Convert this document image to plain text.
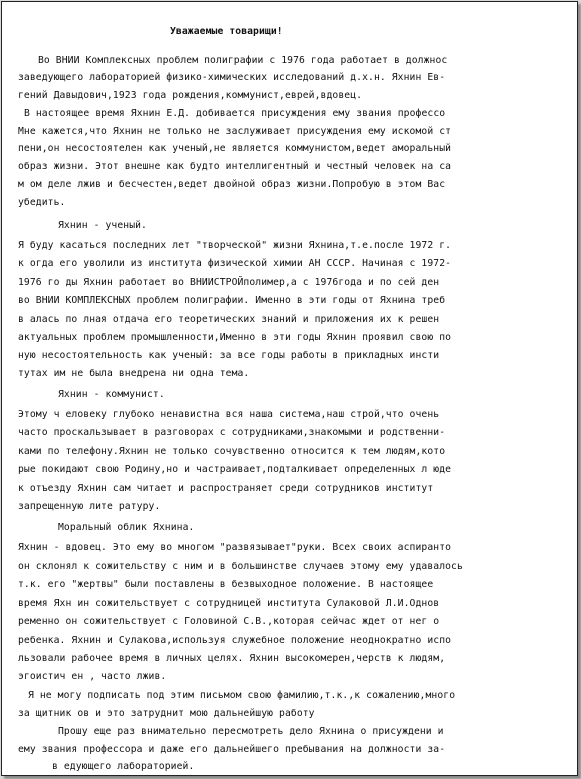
Уважаемые товарищи!
Во ВНИИ Комплексных проблем полиграфии с 1976 года работает в должнос
заведующего лабораторией физико-химических исследований д.х.н. Яхнин Ев-
гений Давыдович,1923 года рождения,коммунист,еврей,вдовец.
В настоящее время Яхнин Е.Д. добивается присуждения ему звания профессо
Мне кажется,что Яхнин не только не заслуживает присуждения ему искомой ст
пени,он несостоятелен как ученый,не является коммунистом,ведет аморальный
образ жизни. Этот внешне как будто интеллигентный и честный человек на са
м ом деле лжив и бесчестен,ведет двойной образ жизни.Попробую в этом Вас
убедить.
Яхнин - ученый.
Я буду касаться последних лет "творческой" жизни Яхнина,т.е.после 1972 г.
к огда его уволили из института физической химии АН СССР. Начиная с 1972-
1976 го ды Яхнин работает во ВНИИСТРОЙполимер,а с 1976года и по сей ден
во ВНИИ КОМПЛЕКСНЫХ проблем полиграфии. Именно в эти годы от Яхнина треб
в алась по лная отдача его теоретических знаний и приложения их к решен
актуальных проблем промышленности,Именно в эти годы Яхнин проявил свою по
ную несостоятельность как ученый: за все годы работы в прикладных инсти
тутах им не была внедрена ни одна тема.
Яхнин - коммунист.
Этому ч еловеку глубоко ненавистна вся наша система,наш строй,что очень
часто проскальзывает в разговорах с сотрудниками,знакомыми и родственни-
ками по телефону.Яхнин не только сочувственно относится к тем людям,кото
рые покидают свою Родину,но и чаcтраивает,подталкивает определенных л юде
к отъезду Яхнин сам читает и распространяет среди сотрудников институт
запрещенную лите ратуру.
Моральный облик Яхнина.
Яхнин - вдовец. Это ему во многом "развязывает"руки. Всех своих аспиранто
он склонял к сожительству с ним и в большинстве случаев этому ему удавалось
т.к. его "жертвы" были поставлены в безвыходное положение. В настоящее
время Яхн ин сожительствует с сотрудницей института Сулаковой Л.И.Однов
ременно он сожительствует с Головиной С.В.,которая сейчас ждет от нег о
ребенка. Яхнин и Сулакова,используя служебное положение неоднократно испо
льзовали рабочее время в личных целях. Яхнин высокомерен,черств к людям,
эгоистич ен , часто лжив.
Я не могу подписать под этим письмом свою фамилию,т.к.,к сожалению,много
за щитник ов и это затруднит мою дальнейшую работу
Прошу еще раз внимательно пересмотреть дело Яхнина о присуждени и
ему звания профессора и даже его дальнейшего пребывания на должности за-
в едующего лабораторией.
